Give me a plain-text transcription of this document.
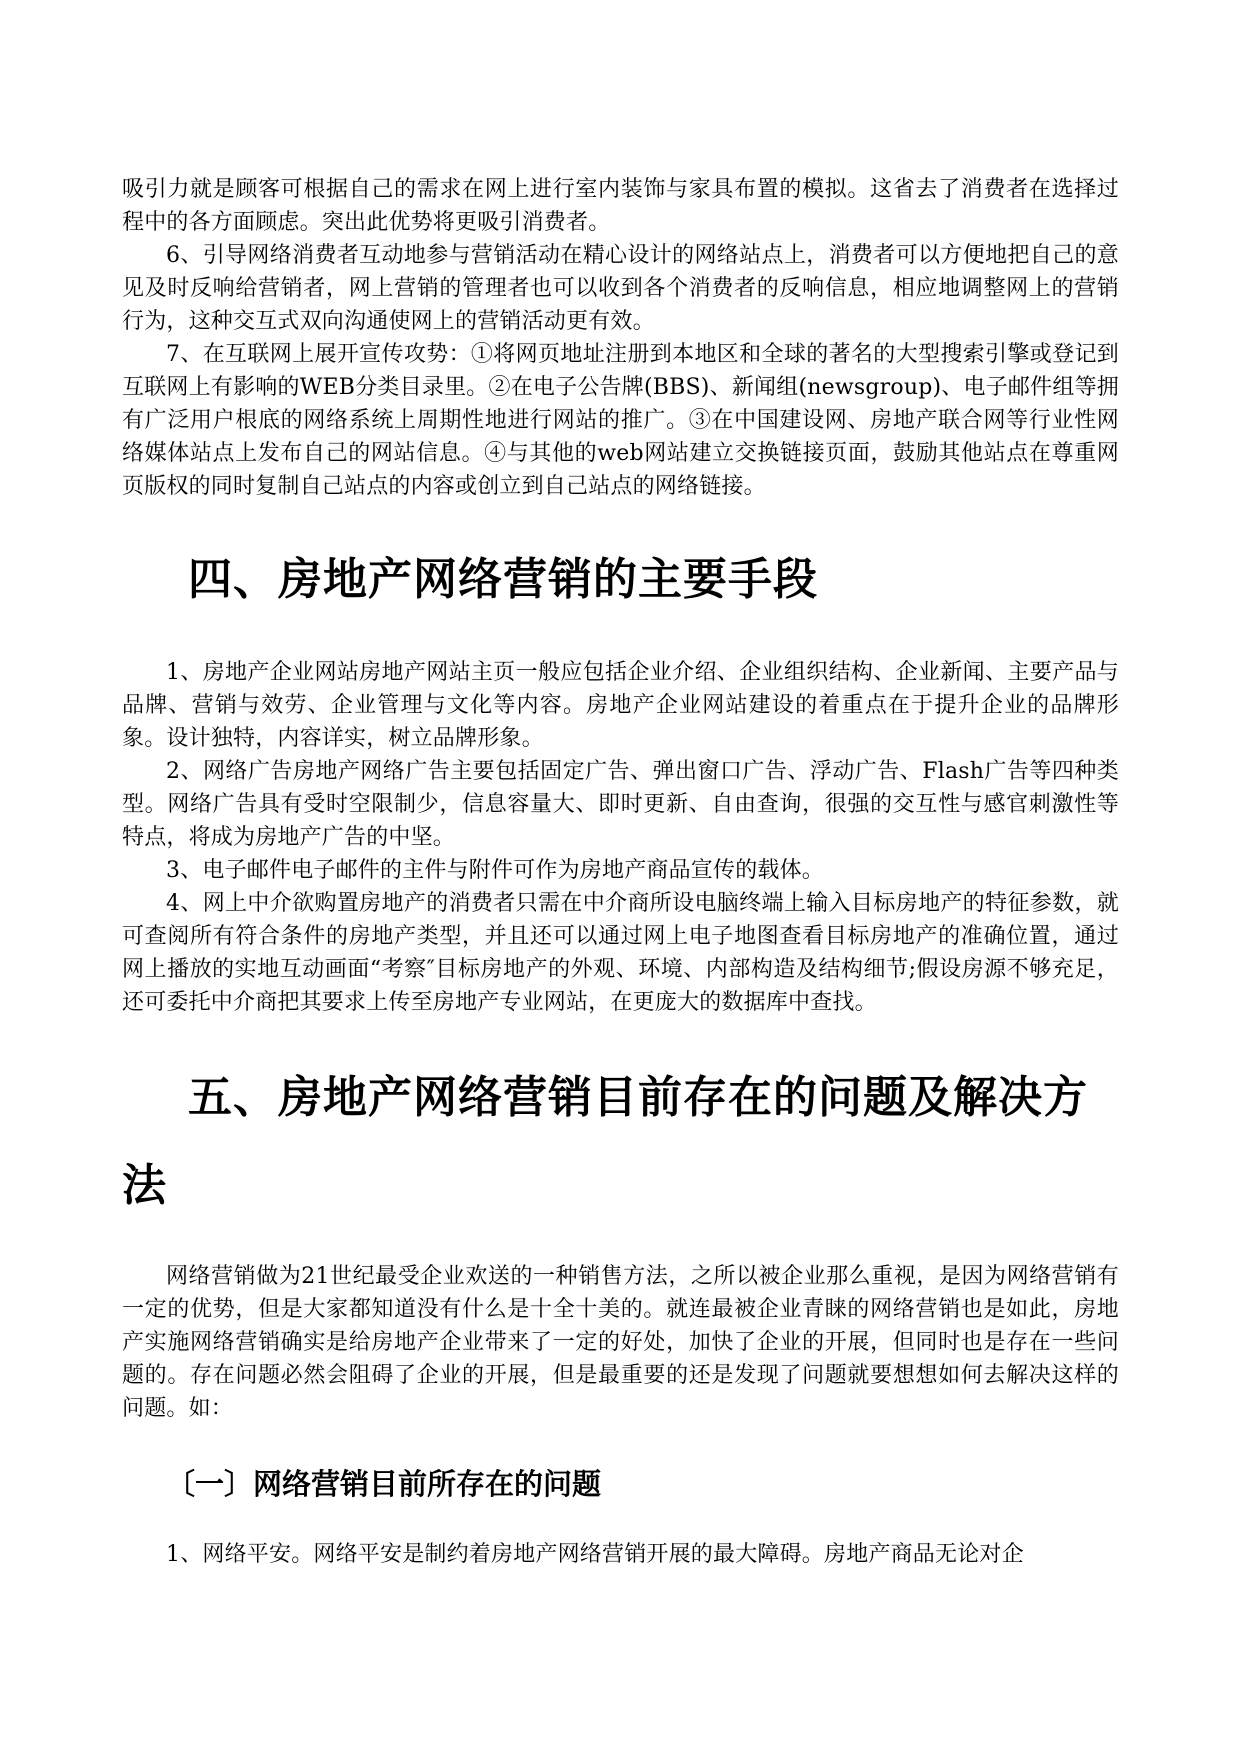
吸引力就是顾客可根据自己的需求在网上进行室内装饰与家具布置的模拟。这省去了消费者在选择过程中的各方面顾虑。突出此优势将更吸引消费者。

6、引导网络消费者互动地参与营销活动在精心设计的网络站点上，消费者可以方便地把自己的意见及时反响给营销者，网上营销的管理者也可以收到各个消费者的反响信息，相应地调整网上的营销行为，这种交互式双向沟通使网上的营销活动更有效。

7、在互联网上展开宣传攻势：①将网页地址注册到本地区和全球的著名的大型搜索引擎或登记到互联网上有影响的WEB分类目录里。②在电子公告牌(BBS)、新闻组(newsgroup)、电子邮件组等拥有广泛用户根底的网络系统上周期性地进行网站的推广。③在中国建设网、房地产联合网等行业性网络媒体站点上发布自己的网站信息。④与其他的web网站建立交换链接页面，鼓励其他站点在尊重网页版权的同时复制自己站点的内容或创立到自己站点的网络链接。

四、房地产网络营销的主要手段

1、房地产企业网站房地产网站主页一般应包括企业介绍、企业组织结构、企业新闻、主要产品与品牌、营销与效劳、企业管理与文化等内容。房地产企业网站建设的着重点在于提升企业的品牌形象。设计独特，内容详实，树立品牌形象。

2、网络广告房地产网络广告主要包括固定广告、弹出窗口广告、浮动广告、Flash广告等四种类型。网络广告具有受时空限制少，信息容量大、即时更新、自由查询，很强的交互性与感官刺激性等特点，将成为房地产广告的中坚。

3、电子邮件电子邮件的主件与附件可作为房地产商品宣传的载体。

4、网上中介欲购置房地产的消费者只需在中介商所设电脑终端上输入目标房地产的特征参数，就可查阅所有符合条件的房地产类型，并且还可以通过网上电子地图查看目标房地产的准确位置，通过网上播放的实地互动画面“考察″目标房地产的外观、环境、内部构造及结构细节;假设房源不够充足，还可委托中介商把其要求上传至房地产专业网站，在更庞大的数据库中查找。

五、房地产网络营销目前存在的问题及解决方法

网络营销做为21世纪最受企业欢送的一种销售方法，之所以被企业那么重视，是因为网络营销有一定的优势，但是大家都知道没有什么是十全十美的。就连最被企业青睐的网络营销也是如此，房地产实施网络营销确实是给房地产企业带来了一定的好处，加快了企业的开展，但同时也是存在一些问题的。存在问题必然会阻碍了企业的开展，但是最重要的还是发现了问题就要想想如何去解决这样的问题。如：

〔一〕网络营销目前所存在的问题

1、网络平安。网络平安是制约着房地产网络营销开展的最大障碍。房地产商品无论对企
